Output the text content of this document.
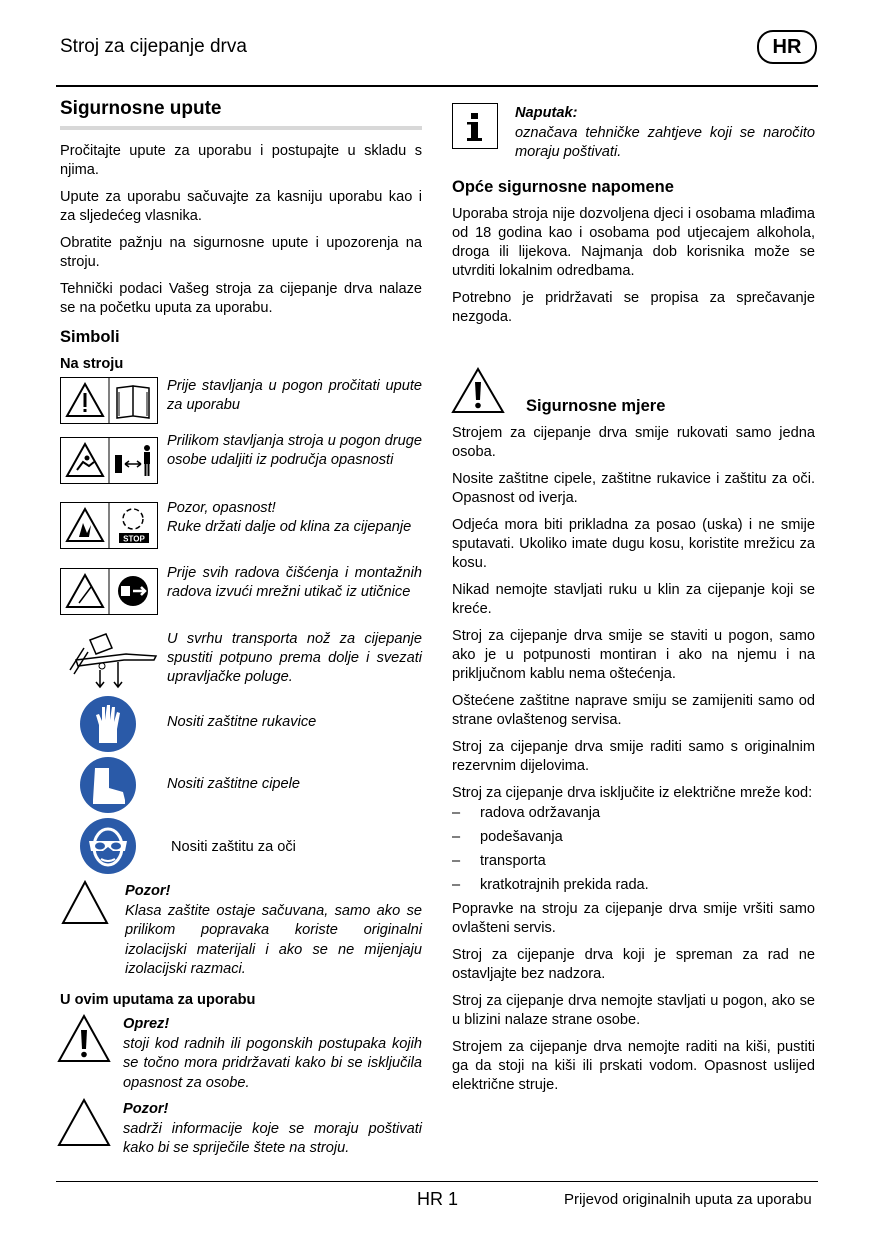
Stroj za cijepanje drva	HR
Sigurnosne upute

Pročitajte upute za uporabu i postupajte u skladu s njima.

Upute za uporabu sačuvajte za kasniju uporabu kao i za sljedećeg vlasnika.

Obratite pažnju na sigurnosne upute i upozorenja na stroju.

Tehnički podaci Vašeg stroja za cijepanje drva nalaze se na početku uputa za uporabu.

Simboli
Na stroju
Prije stavljanja u pogon pročitati upute za uporabu
Prilikom stavljanja stroja u pogon druge osobe udaljiti iz područja opasnosti
STOP
Pozor, opasnost!
Ruke držati dalje od klina za cijepanje
Prije svih radova čišćenja i montažnih radova izvući mrežni utikač iz utičnice
U svrhu transporta nož za cijepanje spustiti potpuno prema dolje i svezati upravljačke poluge.
Nositi zaštitne rukavice
Nositi zaštitne cipele
Nositi zaštitu za oči
Pozor!
Klasa zaštite ostaje sačuvana, samo ako se prilikom popravaka koriste originalni izolacijski materijali i ako se ne mijenjaju izolacijski razmaci.
U ovim uputama za uporabu
Oprez!
stoji kod radnih ili pogonskih postupaka kojih se točno mora pridržavati kako bi se isključila opasnost za osobe.
Pozor!
sadrži informacije koje se moraju poštivati kako bi se spriječile štete na stroju.
Naputak:
označava tehničke zahtjeve koji se naročito moraju poštivati.
Opće sigurnosne napomene

Uporaba stroja nije dozvoljena djeci i osobama mlađima od 18 godina kao i osobama pod utjecajem alkohola, droga ili lijekova. Najmanja dob korisnika može se utvrditi lokalnim odredbama.

Potrebno je pridržavati se propisa za sprečavanje nezgoda.

Sigurnosne mjere

Strojem za cijepanje drva smije rukovati samo jedna osoba.

Nosite zaštitne cipele, zaštitne rukavice i zaštitu za oči. Opasnost od iverja.

Odjeća mora biti prikladna za posao (uska) i ne smije sputavati. Ukoliko imate dugu kosu, koristite mrežicu za kosu.

Nikad nemojte stavljati ruku u klin za cijepanje koji se kreće.

Stroj za cijepanje drva smije se staviti u pogon, samo ako je u potpunosti montiran i ako na njemu i na priključnom kablu nema oštećenja.

Oštećene zaštitne naprave smiju se zamijeniti samo od strane ovlaštenog servisa.

Stroj za cijepanje drva smije raditi samo s originalnim rezervnim dijelovima.

Stroj za cijepanje drva isključite iz električne mreže kod:

– radova održavanja
– podešavanja
– transporta
– kratkotrajnih prekida rada.

Popravke na stroju za cijepanje drva smije vršiti samo ovlašteni servis.

Stroj za cijepanje drva koji je spreman za rad ne ostavljajte bez nadzora.

Stroj za cijepanje drva nemojte stavljati u pogon, ako se u blizini nalaze strane osobe.

Strojem za cijepanje drva nemojte raditi na kiši, pustiti ga da stoji na kiši ili prskati vodom. Opasnost uslijed električne struje.

HR 1	Prijevod originalnih uputa za uporabu
